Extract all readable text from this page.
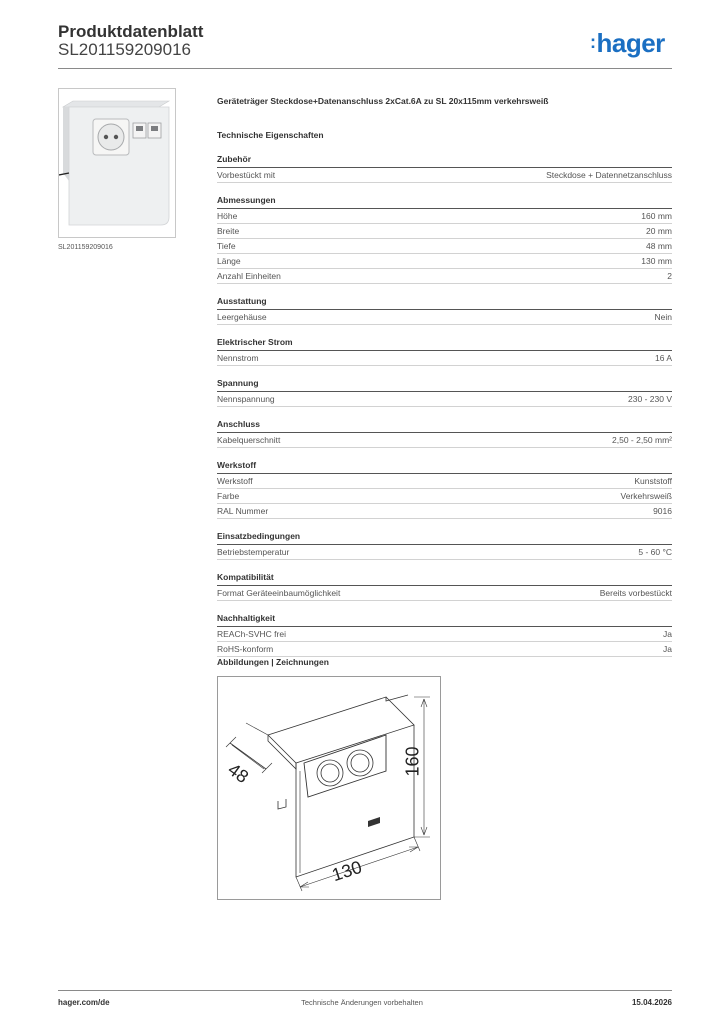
Produktdatenblatt
SL201159209016	:hager
SL201159209016
Geräteträger Steckdose+Datenanschluss 2xCat.6A zu SL 20x115mm verkehrsweiß
Technische Eigenschaften
Zubehör
Vorbestückt mit	Steckdose + Datennetzanschluss
Abmessungen
Höhe	160 mm
Breite	20 mm
Tiefe	48 mm
Länge	130 mm
Anzahl Einheiten	2
Ausstattung
Leergehäuse	Nein
Elektrischer Strom
Nennstrom	16 A
Spannung
Nennspannung	230 - 230 V
Anschluss
Kabelquerschnitt	2,50 - 2,50 mm²
Werkstoff
Werkstoff	Kunststoff
Farbe	Verkehrsweiß
RAL Nummer	9016
Einsatzbedingungen
Betriebstemperatur	5 - 60 °C
Kompatibilität
Format Geräteeinbaumöglichkeit	Bereits vorbestückt
Nachhaltigkeit
REACh-SVHC frei	Ja
RoHS-konform	Ja
Abbildungen | Zeichnungen
48	160
130
hager.com/de	Technische Änderungen vorbehalten	15.04.2026
